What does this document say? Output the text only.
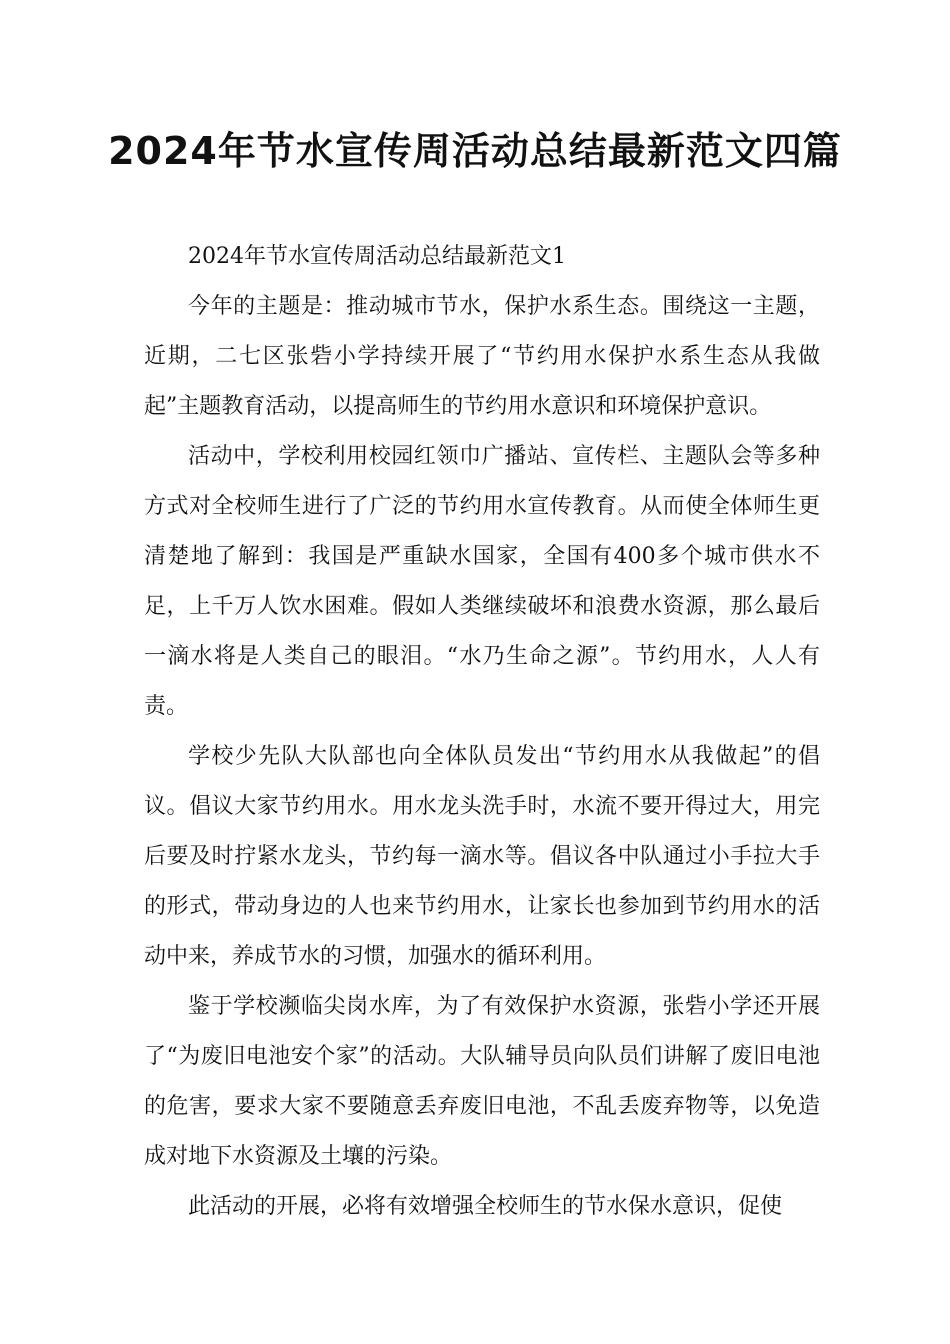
2024年节水宣传周活动总结最新范文四篇

2024年节水宣传周活动总结最新范文1

今年的主题是：推动城市节水，保护水系生态。围绕这一主题，近期，二七区张砦小学持续开展了“节约用水保护水系生态从我做起”主题教育活动，以提高师生的节约用水意识和环境保护意识。

活动中，学校利用校园红领巾广播站、宣传栏、主题队会等多种方式对全校师生进行了广泛的节约用水宣传教育。从而使全体师生更清楚地了解到：我国是严重缺水国家，全国有400多个城市供水不足，上千万人饮水困难。假如人类继续破坏和浪费水资源，那么最后一滴水将是人类自己的眼泪。“水乃生命之源”。节约用水，人人有责。

学校少先队大队部也向全体队员发出“节约用水从我做起”的倡议。倡议大家节约用水。用水龙头洗手时，水流不要开得过大，用完后要及时拧紧水龙头，节约每一滴水等。倡议各中队通过小手拉大手的形式，带动身边的人也来节约用水，让家长也参加到节约用水的活动中来，养成节水的习惯，加强水的循环利用。

鉴于学校濒临尖岗水库，为了有效保护水资源，张砦小学还开展了“为废旧电池安个家”的活动。大队辅导员向队员们讲解了废旧电池的危害，要求大家不要随意丢弃废旧电池，不乱丢废弃物等，以免造成对地下水资源及土壤的污染。

此活动的开展，必将有效增强全校师生的节水保水意识，促使
